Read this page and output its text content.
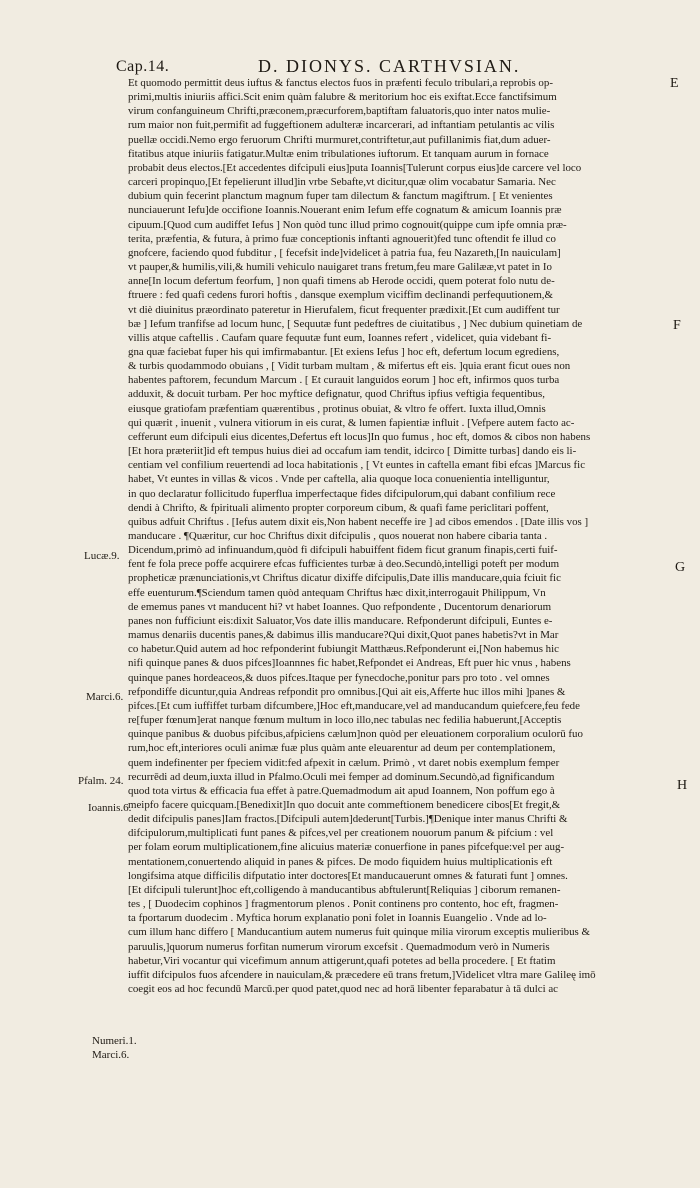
Cap.14.	D. DIONYS. CARTHVSIAN.
E
F
G
H
Lucæ.9.
Marci.6.
Pfalm. 24.
Ioannis.6.
Numeri.1.
Marci.6.
Et quomodo permittit deus iuftus & fanctus electos fuos in præfenti feculo tribulari,a reprobis op-
primi,multis iniuriis affici.Scit enim quàm falubre & meritorium hoc eis exiftat.Ecce fanctifsimum
virum confanguineum Chrifti,præconem,præcurforem,baptiftam faluatoris,quo inter natos mulie-
rum maior non fuit,permifit ad fuggeftionem adulteræ incarcerari, ad inftantiam petulantis ac vilis
puellæ occidi.Nemo ergo feruorum Chrifti murmuret,contriftetur,aut pufillanimis fiat,dum aduer-
fitatibus atque iniuriis fatigatur.Multæ enim tribulationes iuftorum. Et tanquam aurum in fornace
probabit deus electos.[Et accedentes difcipuli eius]puta Ioannis[Tulerunt corpus eius]de carcere vel loco
carceri propinquo,[Et fepelierunt illud]in vrbe Sebafte,vt dicitur,quæ olim vocabatur Samaria. Nec
dubium quin fecerint planctum magnum fuper tam dilectum & fanctum magiftrum. [ Et venientes
nunciauerunt Iefu]de occifione Ioannis.Nouerant enim Iefum effe cognatum & amicum Ioannis præ
cipuum.[Quod cum audiffet Iefus ] Non quòd tunc illud primo cognouit(quippe cum ipfe omnia præ-
terita, præfentia, & futura, à primo fuæ conceptionis inftanti agnouerit)fed tunc oftendit fe illud co
gnofcere, faciendo quod fubditur , [ fecefsit inde]videlicet à patria fua, feu Nazareth,[In nauiculam]
vt pauper,& humilis,vili,& humili vehiculo nauigaret trans fretum,feu mare Galilææ,vt patet in Io
anne[In locum defertum feorfum, ] non quafi timens ab Herode occidi, quem poterat folo nutu de-
ftruere : fed quafi cedens furori hoftis , dansque exemplum viciffim declinandi perfequutionem,&
vt diè diuinitus præordinato pateretur in Hierufalem, ficut frequenter prædixit.[Et cum audiffent tur
bæ ] Iefum tranfifse ad locum hunc, [ Sequutæ funt pedeftres de ciuitatibus , ] Nec dubium quinetiam de
villis atque caftellis . Caufam quare fequutæ funt eum, Ioannes refert , videlicet, quia videbant fi-
gna quæ faciebat fuper his qui imfirmabantur. [Et exiens Iefus ] hoc eft, defertum locum egrediens,
& turbis quodammodo obuians , [ Vidit turbam multam , & mifertus eft eis. ]quia erant ficut oues non
habentes paftorem, fecundum Marcum . [ Et curauit languidos eorum ] hoc eft, infirmos quos turba
adduxit, & docuit turbam. Per hoc myftice defignatur, quod Chriftus ipfius veftigia fequentibus,
eiusque gratiofam præfentiam quærentibus , protinus obuiat, & vltro fe offert. Iuxta illud,Omnis
qui quærit , inuenit , vulnera vitiorum in eis curat, & lumen fapientiæ influit . [Vefpere autem facto ac-
cefferunt eum difcipuli eius dicentes,Defertus eft locus]In quo fumus , hoc eft, domos & cibos non habens
[Et hora præteriit]id eft tempus huius diei ad occafum iam tendit, idcirco [ Dimitte turbas] dando eis li-
centiam vel confilium reuertendi ad loca habitationis , [ Vt euntes in caftella emant fibi efcas ]Marcus fic
habet, Vt euntes in villas & vicos . Vnde per caftella, alia quoque loca conuenientia intelliguntur,
in quo declaratur follicitudo fuperflua imperfectaque fides difcipulorum,qui dabant confilium rece
dendi à Chrifto, & fpirituali alimento propter corporeum cibum, & quafi fame periclitari poffent,
quibus adfuit Chriftus . [Iefus autem dixit eis,Non habent neceffe ire ] ad cibos emendos . [Date illis vos ]
manducare . ¶Quæritur, cur hoc Chriftus dixit difcipulis , quos nouerat non habere cibaria tanta .
Dicendum,primò ad infinuandum,quòd fi difcipuli habuiffent fidem ficut granum finapis,certi fuif-
fent fe fola prece poffe acquirere efcas fufficientes turbæ à deo.Secundò,intelligi poteft per modum
propheticæ prænunciationis,vt Chriftus dicatur dixiffe difcipulis,Date illis manducare,quia fciuit fic
effe euenturum.¶Sciendum tamen quòd antequam Chriftus hæc dixit,interrogauit Philippum, Vn
de ememus panes vt manducent hi? vt habet Ioannes. Quo refpondente , Ducentorum denariorum
panes non fufficiunt eis:dixit Saluator,Vos date illis manducare. Refponderunt difcipuli, Euntes e-
mamus denariis ducentis panes,& dabimus illis manducare?Qui dixit,Quot panes habetis?vt in Mar
co habetur.Quid autem ad hoc refponderint fubiungit Matthæus.Refponderunt ei,[Non habemus hic
nifi quinque panes & duos pifces]Ioannnes fic habet,Refpondet ei Andreas, Eft puer hic vnus , habens
quinque panes hordeaceos,& duos pifces.Itaque per fynecdoche,ponitur pars pro toto . vel omnes
refpondiffe dicuntur,quia Andreas refpondit pro omnibus.[Qui ait eis,Afferte huc illos mihi ]panes &
pifces.[Et cum iuffiffet turbam difcumbere,]Hoc eft,manducare,vel ad manducandum quiefcere,feu fede
re[fuper fœnum]erat nanque fœnum multum in loco illo,nec tabulas nec fedilia habuerunt,[Acceptis
quinque panibus & duobus pifcibus,afpiciens cælum]non quòd per eleuationem corporalium oculorū fuo
rum,hoc eft,interiores oculi animæ fuæ plus quàm ante eleuarentur ad deum per contemplationem,
quem indefinenter per fpeciem vidit:fed afpexit in cælum. Primò , vt daret nobis exemplum femper
recurrēdi ad deum,iuxta illud in Pfalmo.Oculi mei femper ad dominum.Secundò,ad fignificandum
quod tota virtus & efficacia fua effet à patre.Quemadmodum ait apud Ioannem, Non poffum ego à
meipfo facere quicquam.[Benedixit]In quo docuit ante commeftionem benedicere cibos[Et fregit,&
dedit difcipulis panes]Iam fractos.[Difcipuli autem]dederunt[Turbis.]¶Denique inter manus Chrifti &
difcipulorum,multiplicati funt panes & pifces,vel per creationem nouorum panum & pifcium : vel
per folam eorum multiplicationem,fine alicuius materiæ conuerfione in panes pifcefque:vel per aug-
mentationem,conuertendo aliquid in panes & pifces. De modo fiquidem huius multiplicationis eft
longifsima atque difficilis difputatio inter doctores[Et manducauerunt omnes & faturati funt ] omnes.
[Et difcipuli tulerunt]hoc eft,colligendo à manducantibus abftulerunt[Reliquias ] ciborum remanen-
tes , [ Duodecim cophinos ] fragmentorum plenos . Ponit continens pro contento, hoc eft, fragmen-
ta fportarum duodecim . Myftica horum explanatio poni folet in Ioannis Euangelio . Vnde ad lo-
cum illum hanc differo [ Manducantium autem numerus fuit quinque milia virorum exceptis mulieribus &
paruulis,]quorum numerus forfitan numerum virorum excefsit . Quemadmodum verò in Numeris
habetur,Viri vocantur qui vicefimum annum attigerunt,quafi potetes ad bella procedere. [ Et ftatim
iuffit difcipulos fuos afcendere in nauiculam,& præcedere eū trans fretum,]Videlicet vltra mare Galileę imō
coegit eos ad hoc fecundū Marcū.per quod patet,quod nec ad horā libenter feparabatur à tā dulci ac
